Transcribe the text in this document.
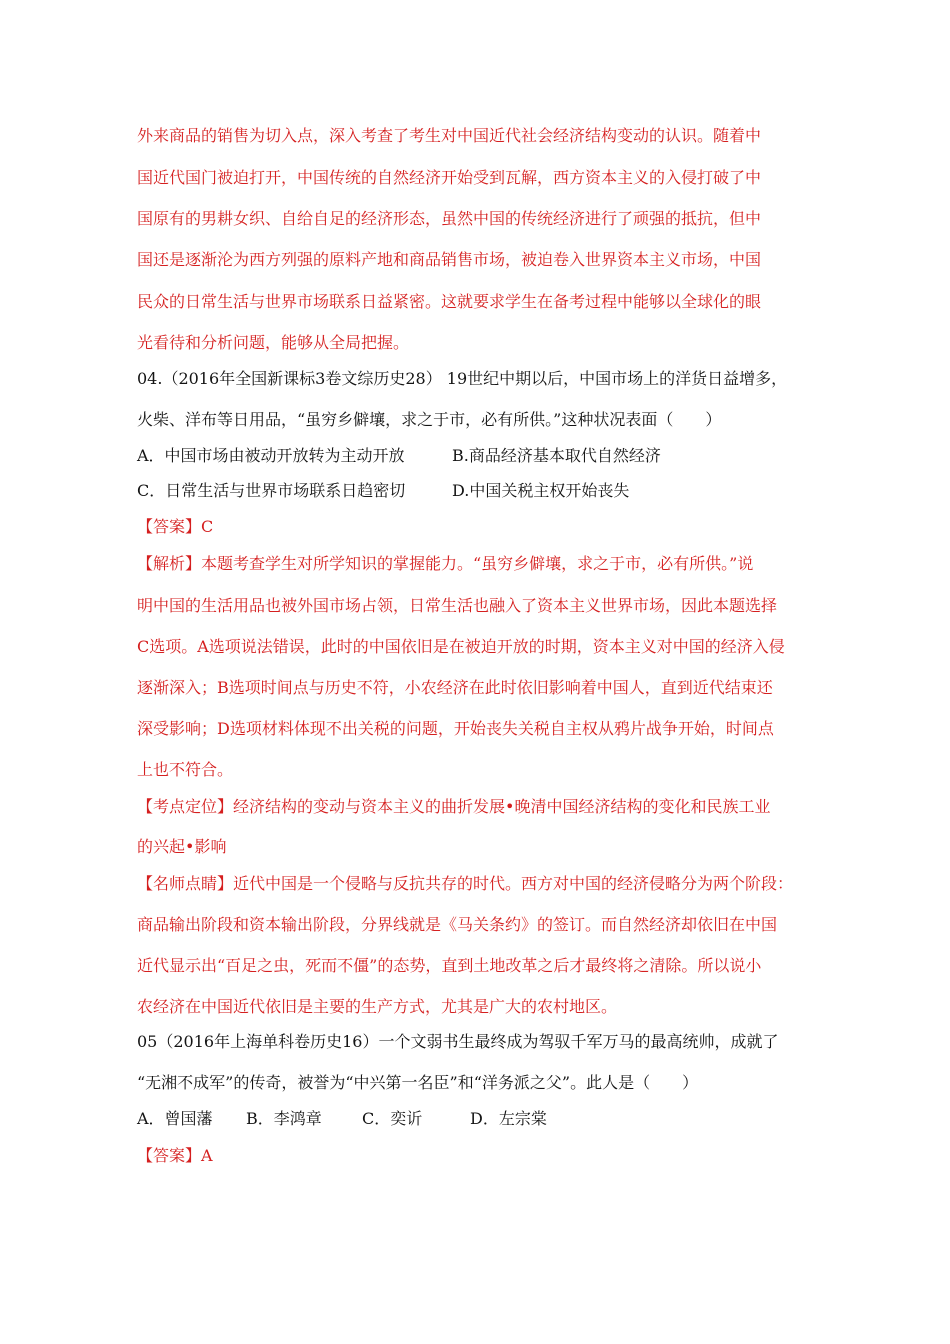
外来商品的销售为切入点，深入考查了考生对中国近代社会经济结构变动的认识。随着中
国近代国门被迫打开，中国传统的自然经济开始受到瓦解，西方资本主义的入侵打破了中
国原有的男耕女织、自给自足的经济形态，虽然中国的传统经济进行了顽强的抵抗，但中
国还是逐渐沦为西方列强的原料产地和商品销售市场，被迫卷入世界资本主义市场，中国
民众的日常生活与世界市场联系日益紧密。这就要求学生在备考过程中能够以全球化的眼
光看待和分析问题，能够从全局把握。
04.（2016年全国新课标3卷文综历史28） 19世纪中期以后，中国市场上的洋货日益增多，
火柴、洋布等日用品，“虽穷乡僻壤，求之于市，必有所供。”这种状况表面（　　）
A．中国市场由被动开放转为主动开放	B.商品经济基本取代自然经济
C．日常生活与世界市场联系日趋密切	D.中国关税主权开始丧失
【答案】C
【解析】本题考查学生对所学知识的掌握能力。“虽穷乡僻壤，求之于市，必有所供。”说
明中国的生活用品也被外国市场占领，日常生活也融入了资本主义世界市场，因此本题选择
C选项。A选项说法错误，此时的中国依旧是在被迫开放的时期，资本主义对中国的经济入侵
逐渐深入；B选项时间点与历史不符，小农经济在此时依旧影响着中国人，直到近代结束还
深受影响；D选项材料体现不出关税的问题，开始丧失关税自主权从鸦片战争开始，时间点
上也不符合。
【考点定位】经济结构的变动与资本主义的曲折发展•晚清中国经济结构的变化和民族工业
的兴起•影响
【名师点睛】近代中国是一个侵略与反抗共存的时代。西方对中国的经济侵略分为两个阶段：
商品输出阶段和资本输出阶段，分界线就是《马关条约》的签订。而自然经济却依旧在中国
近代显示出“百足之虫，死而不僵”的态势，直到土地改革之后才最终将之清除。所以说小
农经济在中国近代依旧是主要的生产方式，尤其是广大的农村地区。
05（2016年上海单科卷历史16）一个文弱书生最终成为驾驭千军万马的最高统帅，成就了
“无湘不成军”的传奇，被誉为“中兴第一名臣”和“洋务派之父”。此人是（　　）
A．曾国藩 B．李鸿章	C．奕䜣	D．左宗棠
【答案】A
